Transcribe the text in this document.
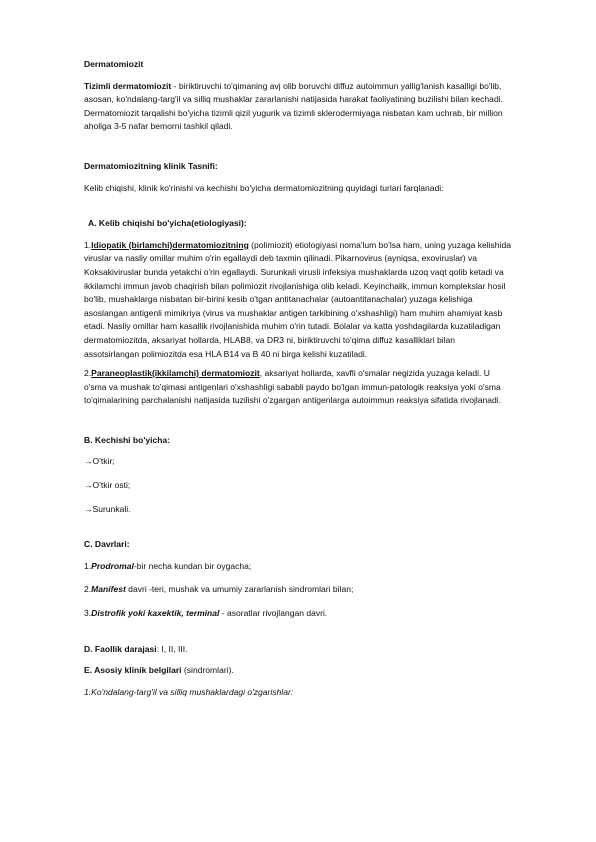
Dermatomiozit

Tizimli dermatomiozit - biriktiruvchi to'qimaning avj olib boruvchi diffuz autoimmun yallig'lanish kasalligi bo'lib, asosan, ko'ndalang-targ'il va silliq mushaklar zararlanishi natijasida harakat faoliyatining buzilishi bilan kechadi. Dermatomiozit tarqalishi bo'yicha tizimli qizil yugurik va tizimli sklerodermiyaga nisbatan kam uchrab, bir million aholiga 3-5 nafar bemorni tashkil qiladi.

Dermatomiozitning klinik Tasnifi:

Kelib chiqishi, klinik ko'rinishi va kechishi bo'yicha dermatomiozitning quyidagi turlari farqlanadi:

A. Kelib chiqishi bo'yicha(etiologiyasi):

1.Idiopatik (birlamchi)dermatomiozitning (polimiozit) etiologiyasi noma'lum bo'lsa ham, uning yuzaga kelishida viruslar va nasliy omillar muhim o'rin egallaydi deb taxmin qilinadi. Pikarnovirus (ayniqsa, exoviruslar) va Koksakiviruslar bunda yetakchi o'rin egallaydi. Surunkali virusli infeksiya mushaklarda uzoq vaqt qolib ketadi va ikkilamchi immun javob chaqirish bilan polimiozit rivojlanishiga olib keladi. Keyinchalik, immun komplekslar hosil bo'lib, mushaklarga nisbatan bir-birini kesib o'tgan antitanachalar (autoantitanachalar) yuzaga kelishiga asoslangan antigenli mimikriya (virus va mushaklar antigen tarkibining o'xshashligi) ham muhim ahamiyat kasb etadi. Nasliy omillar ham kasallik rivojlanishida muhim o'rin tutadi. Bolalar va katta yoshdagilarda kuzatiladigan dermatomiozitda, aksariyat hollarda, HLAB8, va DR3 ni, biriktiruvchi to'qima diffuz kasalliklari bilan assotsirlangan polimiozitda esa HLA B14 va B 40 ni birga kelishi kuzatiladi.

2.Paraneoplastik(ikkilamchi) dermatomiozit, aksariyat hollarda, xavfli o'smalar negizida yuzaga keladi. U o'sma va mushak to'qimasi antigenlari o'xshashligi sababli paydo bo'lgan immun-patologik reaksiya yoki o'sma to'qimalarining parchalanishi natijasida tuzilishi o'zgargan antigenlarga autoimmun reaksiya sifatida rivojlanadi.

B. Kechishi bo'yicha:

→O'tkir;

→O'tkir osti;

→Surunkali.

C. Davrlari:

1.Prodromal-bir necha kundan bir oygacha;

2.Manifest davri -teri, mushak va umumiy zararlanish sindromlari bilan;

3.Distrofik yoki kaxektik, terminal - asoratlar rivojlangan davri.

D. Faollik darajasi: I, II, III.

E. Asosiy klinik belgilari (sindromlari).

1.Ko'ndalang-targ'il va silliq mushaklardagi o'zgarishlar:
